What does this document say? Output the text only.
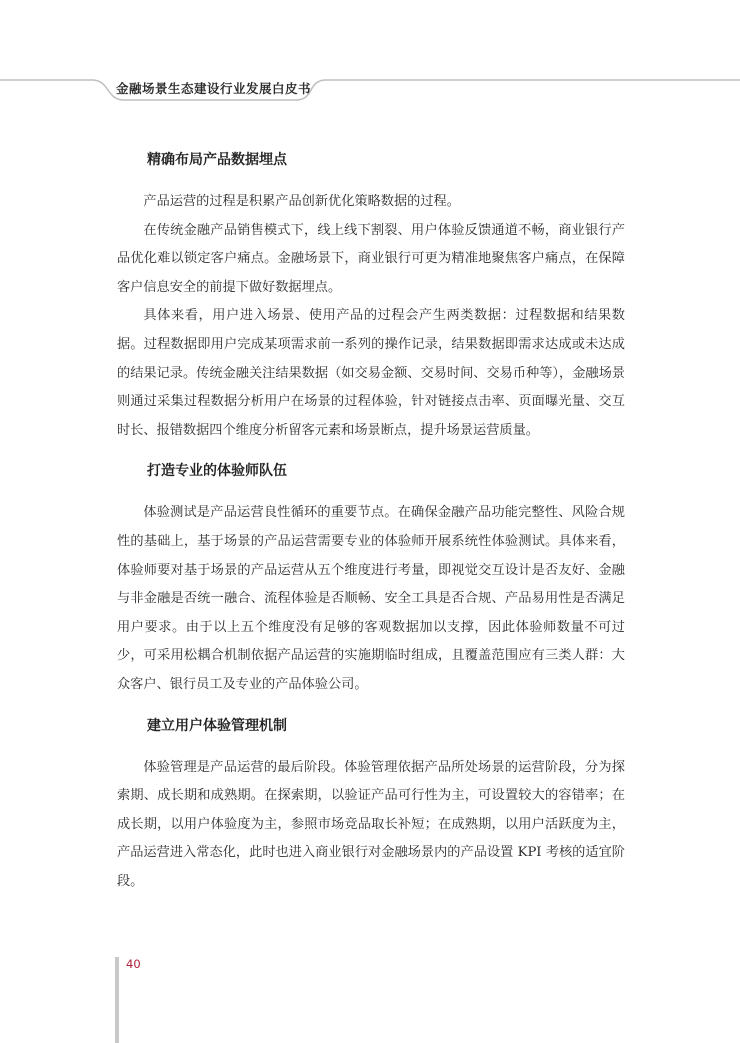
金融场景生态建设行业发展白皮书
精确布局产品数据埋点

产品运营的过程是积累产品创新优化策略数据的过程。

在传统金融产品销售模式下，线上线下割裂、用户体验反馈通道不畅，商业银行产品优化难以锁定客户痛点。金融场景下，商业银行可更为精准地聚焦客户痛点，在保障客户信息安全的前提下做好数据埋点。

具体来看，用户进入场景、使用产品的过程会产生两类数据：过程数据和结果数据。过程数据即用户完成某项需求前一系列的操作记录，结果数据即需求达成或未达成的结果记录。传统金融关注结果数据（如交易金额、交易时间、交易币种等），金融场景则通过采集过程数据分析用户在场景的过程体验，针对链接点击率、页面曝光量、交互时长、报错数据四个维度分析留客元素和场景断点，提升场景运营质量。

打造专业的体验师队伍

体验测试是产品运营良性循环的重要节点。在确保金融产品功能完整性、风险合规性的基础上，基于场景的产品运营需要专业的体验师开展系统性体验测试。具体来看，体验师要对基于场景的产品运营从五个维度进行考量，即视觉交互设计是否友好、金融与非金融是否统一融合、流程体验是否顺畅、安全工具是否合规、产品易用性是否满足用户要求。由于以上五个维度没有足够的客观数据加以支撑，因此体验师数量不可过少，可采用松耦合机制依据产品运营的实施期临时组成，且覆盖范围应有三类人群：大众客户、银行员工及专业的产品体验公司。

建立用户体验管理机制

体验管理是产品运营的最后阶段。体验管理依据产品所处场景的运营阶段，分为探索期、成长期和成熟期。在探索期，以验证产品可行性为主，可设置较大的容错率；在成长期，以用户体验度为主，参照市场竞品取长补短；在成熟期，以用户活跃度为主，产品运营进入常态化，此时也进入商业银行对金融场景内的产品设置 KPI 考核的适宜阶段。

40
